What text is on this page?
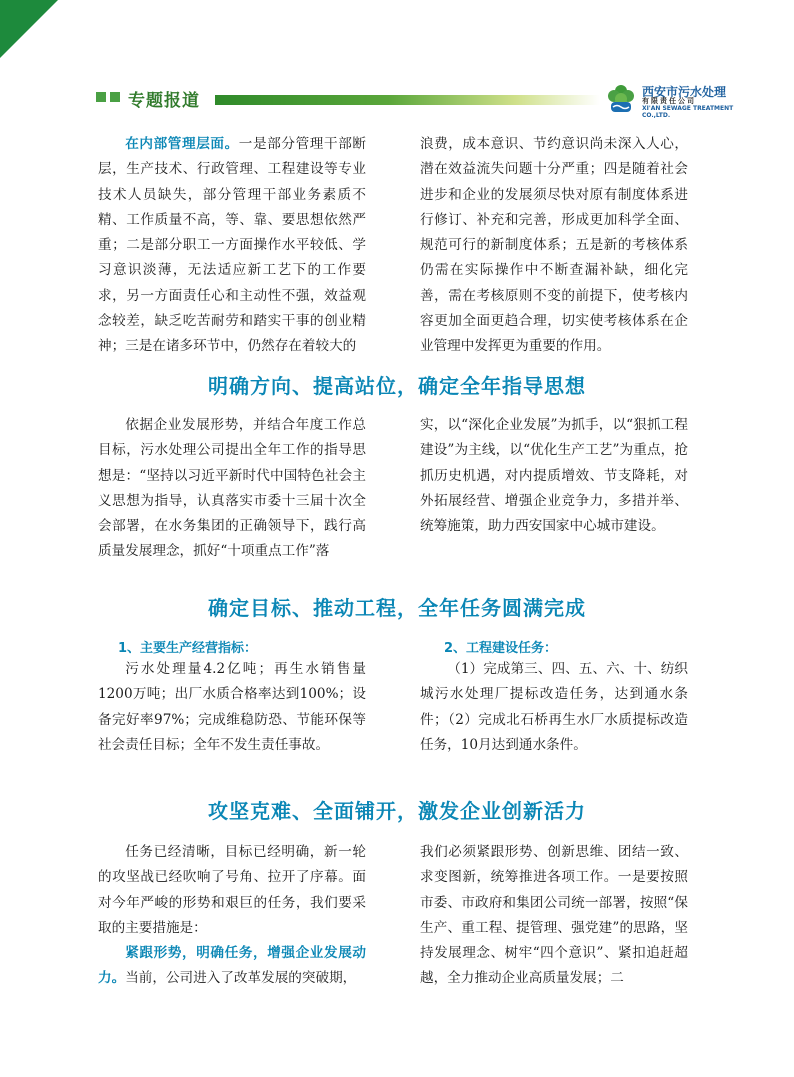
专题报道	西安市污水处理
有限责任公司
XI'AN SEWAGE TREATMENT CO.,LTD.

在内部管理层面。一是部分管理干部断层，生产技术、行政管理、工程建设等专业技术人员缺失，部分管理干部业务素质不精、工作质量不高，等、靠、要思想依然严重；二是部分职工一方面操作水平较低、学习意识淡薄，无法适应新工艺下的工作要求，另一方面责任心和主动性不强，效益观念较差，缺乏吃苦耐劳和踏实干事的创业精神；三是在诸多环节中，仍然存在着较大的

浪费，成本意识、节约意识尚未深入人心，潜在效益流失问题十分严重；四是随着社会进步和企业的发展须尽快对原有制度体系进行修订、补充和完善，形成更加科学全面、规范可行的新制度体系；五是新的考核体系仍需在实际操作中不断查漏补缺，细化完善，需在考核原则不变的前提下，使考核内容更加全面更趋合理，切实使考核体系在企业管理中发挥更为重要的作用。

明确方向、提高站位，确定全年指导思想

依据企业发展形势，并结合年度工作总目标，污水处理公司提出全年工作的指导思想是：“坚持以习近平新时代中国特色社会主义思想为指导，认真落实市委十三届十次全会部署，在水务集团的正确领导下，践行高质量发展理念，抓好“十项重点工作”落

实，以“深化企业发展”为抓手，以“狠抓工程建设”为主线，以“优化生产工艺”为重点，抢抓历史机遇，对内提质增效、节支降耗，对外拓展经营、增强企业竞争力，多措并举、统筹施策，助力西安国家中心城市建设。

确定目标、推动工程，全年任务圆满完成
1、主要生产经营指标：

污水处理量4.2亿吨；再生水销售量1200万吨；出厂水质合格率达到100%；设备完好率97%；完成维稳防恐、节能环保等社会责任目标；全年不发生责任事故。

2、工程建设任务：

（1）完成第三、四、五、六、十、纺织城污水处理厂提标改造任务，达到通水条件；（2）完成北石桥再生水厂水质提标改造任务，10月达到通水条件。

攻坚克难、全面铺开，激发企业创新活力

任务已经清晰，目标已经明确，新一轮的攻坚战已经吹响了号角、拉开了序幕。面对今年严峻的形势和艰巨的任务，我们要采取的主要措施是：

紧跟形势，明确任务，增强企业发展动力。当前，公司进入了改革发展的突破期，

我们必须紧跟形势、创新思维、团结一致、求变图新，统筹推进各项工作。一是要按照市委、市政府和集团公司统一部署，按照“保生产、重工程、提管理、强党建”的思路，坚持发展理念、树牢“四个意识”、紧扣追赶超越，全力推动企业高质量发展；二
